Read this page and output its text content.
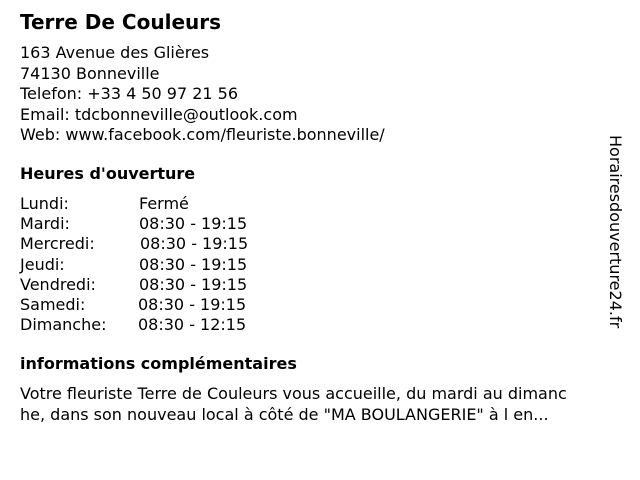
Terre De Couleurs
163 Avenue des Glières
74130 Bonneville
Telefon: +33 4 50 97 21 56
Email: tdcbonneville@outlook.com
Web: www.facebook.com/fleuriste.bonneville/
Heures d'ouverture
Lundi:	Fermé
Mardi:	08:30 - 19:15
Mercredi:	08:30 - 19:15
Jeudi:	08:30 - 19:15
Vendredi:	08:30 - 19:15
Samedi:	08:30 - 19:15
Dimanche: 08:30 - 12:15
informations complémentaires
Votre fleuriste Terre de Couleurs vous accueille, du mardi au dimanc
he, dans son nouveau local à côté de "MA BOULANGERIE" à l en...
Horairesdouverture24.fr
